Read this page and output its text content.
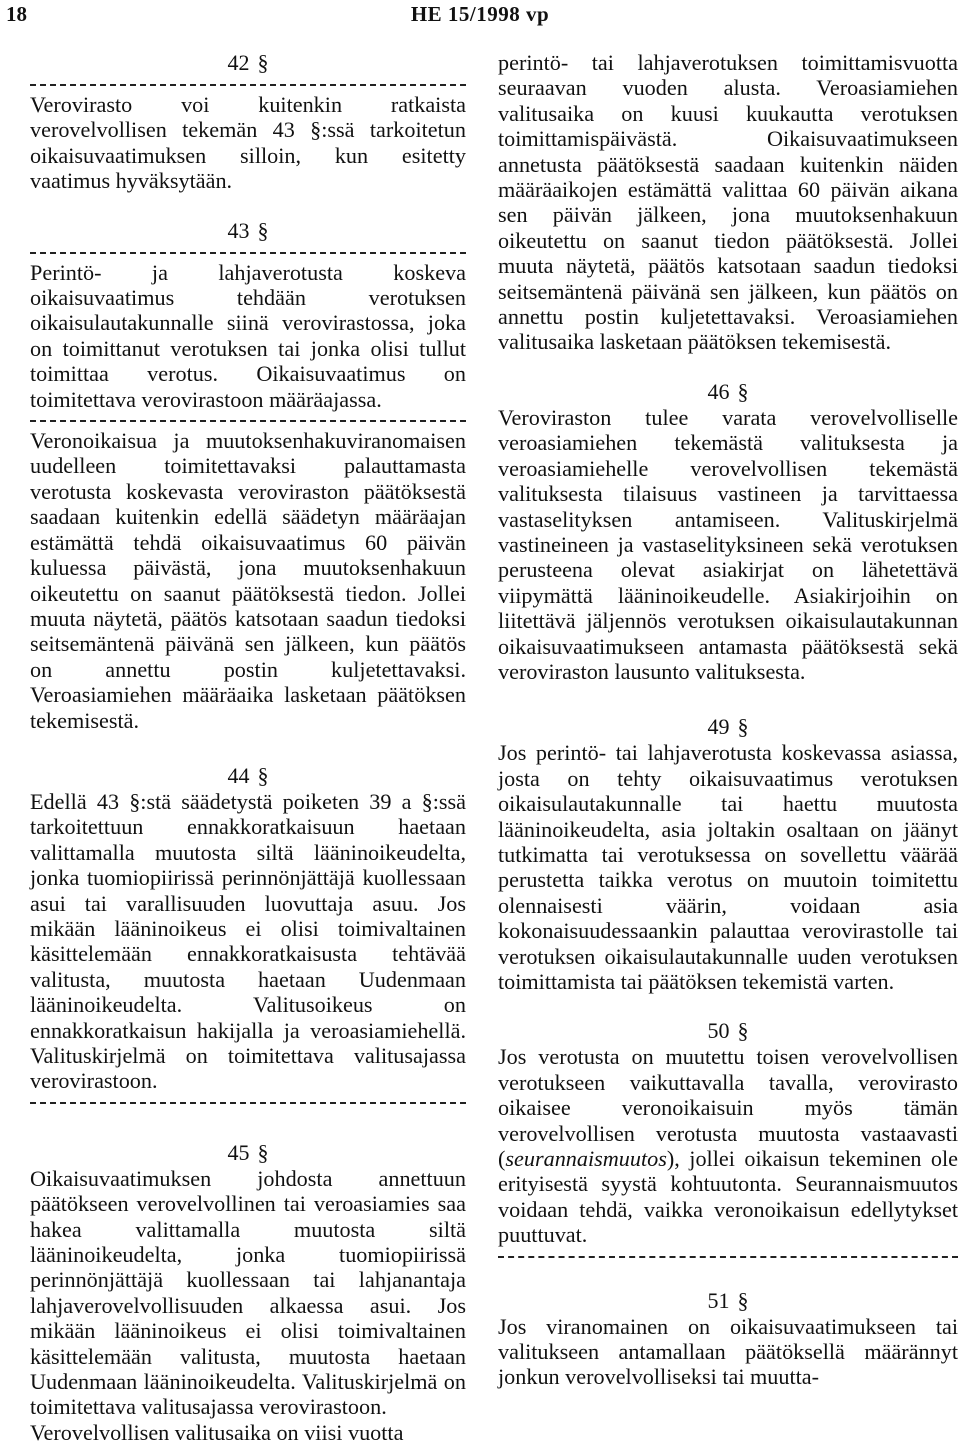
18	HE 15/1998 vp

42 §

Verovirasto voi kuitenkin ratkaista verovelvollisen tekemän 43 §:ssä tarkoitetun oikaisuvaatimuksen silloin, kun esitetty vaatimus hyväksytään.

43 §

Perintö- ja lahjaverotusta koskeva oikaisuvaatimus tehdään verotuksen oikaisulautakunnalle siinä verovirastossa, joka on toimittanut verotuksen tai jonka olisi tullut toimittaa verotus. Oikaisuvaatimus on toimitettava verovirastoon määräajassa.

Veronoikaisua ja muutoksenhakuviranomaisen uudelleen toimitettavaksi palauttamasta verotusta koskevasta veroviraston päätöksestä saadaan kuitenkin edellä säädetyn määräajan estämättä tehdä oikaisuvaatimus 60 päivän kuluessa päivästä, jona muutoksenhakuun oikeutettu on saanut päätöksestä tiedon. Jollei muuta näytetä, päätös katsotaan saadun tiedoksi seitsemäntenä päivänä sen jälkeen, kun päätös on annettu postin kuljetettavaksi. Veroasiamiehen määräaika lasketaan päätöksen tekemisestä.

44 §

Edellä 43 §:stä säädetystä poiketen 39 a §:ssä tarkoitettuun ennakkoratkaisuun haetaan valittamalla muutosta siltä lääninoikeudelta, jonka tuomiopiirissä perinnönjättäjä kuollessaan asui tai varallisuuden luovuttaja asuu. Jos mikään lääninoikeus ei olisi toimivaltainen käsittelemään ennakkoratkaisusta tehtävää valitusta, muutosta haetaan Uudenmaan lääninoikeudelta. Valitusoikeus on ennakkoratkaisun hakijalla ja veroasiamiehellä. Valituskirjelmä on toimitettava valitusajassa verovirastoon.

45 §

Oikaisuvaatimuksen johdosta annettuun päätökseen verovelvollinen tai veroasiamies saa hakea valittamalla muutosta siltä lääninoikeudelta, jonka tuomiopiirissä perinnönjättäjä kuollessaan tai lahjanantaja lahjaverovelvollisuuden alkaessa asui. Jos mikään lääninoikeus ei olisi toimivaltainen käsittelemään valitusta, muutosta haetaan Uudenmaan lääninoikeudelta. Valituskirjelmä on toimitettava valitusajassa verovirastoon.

Verovelvollisen valitusaika on viisi vuotta

perintö- tai lahjaverotuksen toimittamisvuotta seuraavan vuoden alusta. Veroasiamiehen valitusaika on kuusi kuukautta verotuksen toimittamispäivästä. Oikaisuvaatimukseen annetusta päätöksestä saadaan kuitenkin näiden määräaikojen estämättä valittaa 60 päivän aikana sen päivän jälkeen, jona muutoksenhakuun oikeutettu on saanut tiedon päätöksestä. Jollei muuta näytetä, päätös katsotaan saadun tiedoksi seitsemäntenä päivänä sen jälkeen, kun päätös on annettu postin kuljetettavaksi. Veroasiamiehen valitusaika lasketaan päätöksen tekemisestä.

46 §

Veroviraston tulee varata verovelvolliselle veroasiamiehen tekemästä valituksesta ja veroasiamiehelle verovelvollisen tekemästä valituksesta tilaisuus vastineen ja tarvittaessa vastaselityksen antamiseen. Valituskirjelmä vastineineen ja vastaselityksineen sekä verotuksen perusteena olevat asiakirjat on lähetettävä viipymättä lääninoikeudelle. Asiakirjoihin on liitettävä jäljennös verotuksen oikaisulautakunnan oikaisuvaatimukseen antamasta päätöksestä sekä veroviraston lausunto valituksesta.

49 §

Jos perintö- tai lahjaverotusta koskevassa asiassa, josta on tehty oikaisuvaatimus verotuksen oikaisulautakunnalle tai haettu muutosta lääninoikeudelta, asia joltakin osaltaan on jäänyt tutkimatta tai verotuksessa on sovellettu väärää perustetta taikka verotus on muutoin toimitettu olennaisesti väärin, voidaan asia kokonaisuudessaankin palauttaa verovirastolle tai verotuksen oikaisulautakunnalle uuden verotuksen toimittamista tai päätöksen tekemistä varten.

50 §

Jos verotusta on muutettu toisen verovelvollisen verotukseen vaikuttavalla tavalla, verovirasto oikaisee veronoikaisuin myös tämän verovelvollisen verotusta muutosta vastaavasti (seurannaismuutos), jollei oikaisun tekeminen ole erityisestä syystä kohtuutonta. Seurannaismuutos voidaan tehdä, vaikka veronoikaisun edellytykset puuttuvat.

51 §

Jos viranomainen on oikaisuvaatimukseen tai valitukseen antamallaan päätöksellä määrännyt jonkun verovelvolliseksi tai muutta-
